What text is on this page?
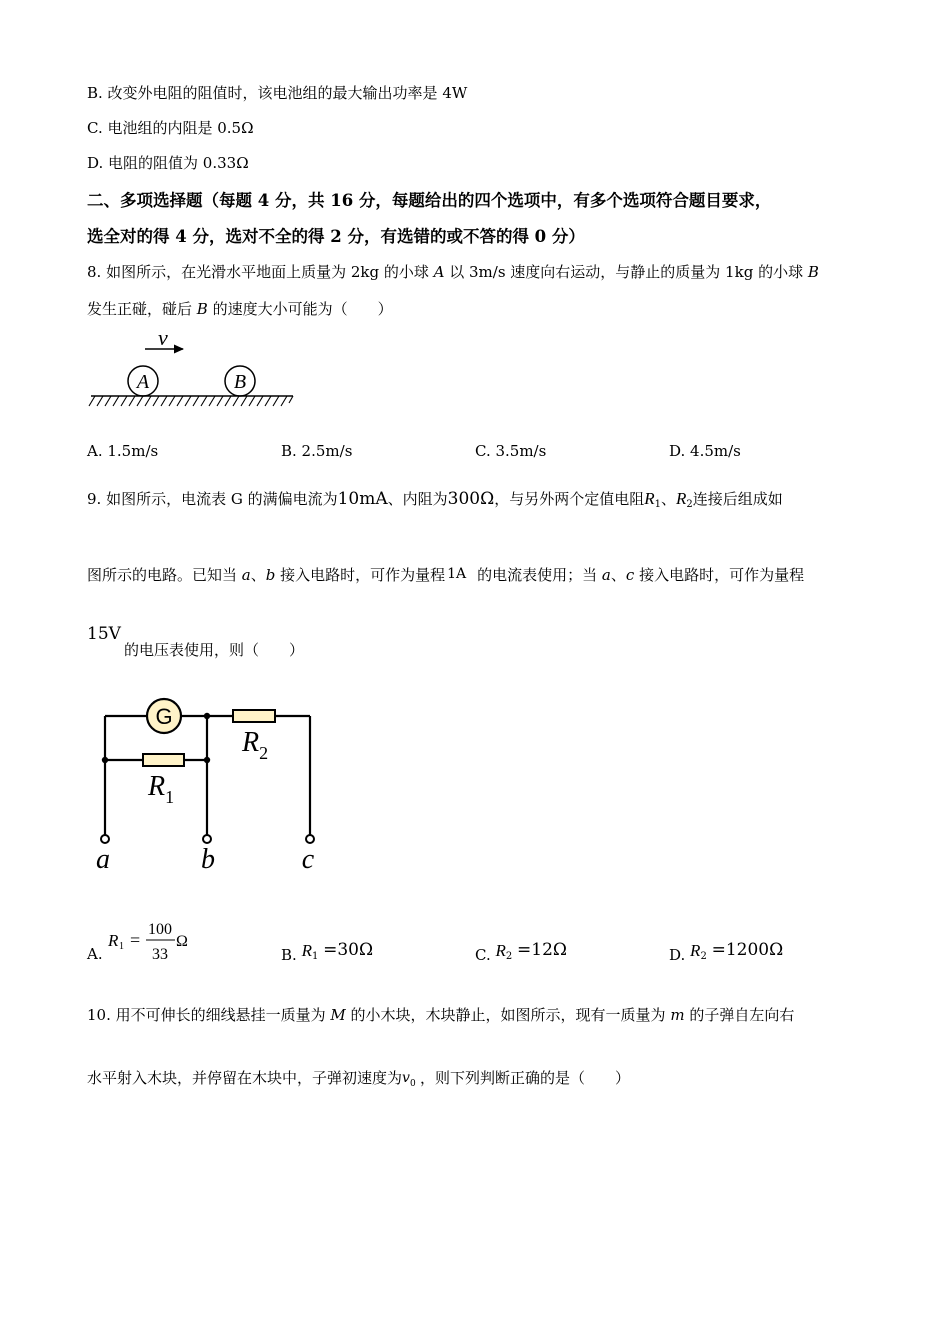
B. 改变外电阻的阻值时，该电池组的最大输出功率是 4W
C. 电池组的内阻是 0.5Ω
D. 电阻的阻值为 0.33Ω
二、多项选择题（每题 4 分，共 16 分，每题给出的四个选项中，有多个选项符合题目要求，
选全对的得 4 分，选对不全的得 2 分，有选错的或不答的得 0 分）
8. 如图所示，在光滑水平地面上质量为 2kg 的小球 A 以 3m/s 速度向右运动，与静止的质量为 1kg 的小球 B
发生正碰，碰后 B 的速度大小可能为（　　）
v
A	B
A. 1.5m/s	B. 2.5m/s	C. 3.5m/s	D. 4.5m/s
9. 如图所示，电流表 G 的满偏电流为10mA、内阻为300Ω，与另外两个定值电阻$R_1$、$R_2$连接后组成如
图所示的电路。已知当 a、b 接入电路时，可作为量程 1A 的电流表使用；当 a、c 接入电路时，可作为量程
15V
的电压表使用，则（　　）
G
$R_2$
$R_1$
a	b	c
A.
R 1 =
100
33
Ω
B. $R_1 =30\Omega$	C. $R_2 =12\Omega$	D. $R_2 =1200\Omega$
10. 用不可伸长的细线悬挂一质量为 M 的小木块，木块静止，如图所示，现有一质量为 m 的子弹自左向右
水平射入木块，并停留在木块中，子弹初速度为 v 0 ，则下列判断正确的是（　　）
